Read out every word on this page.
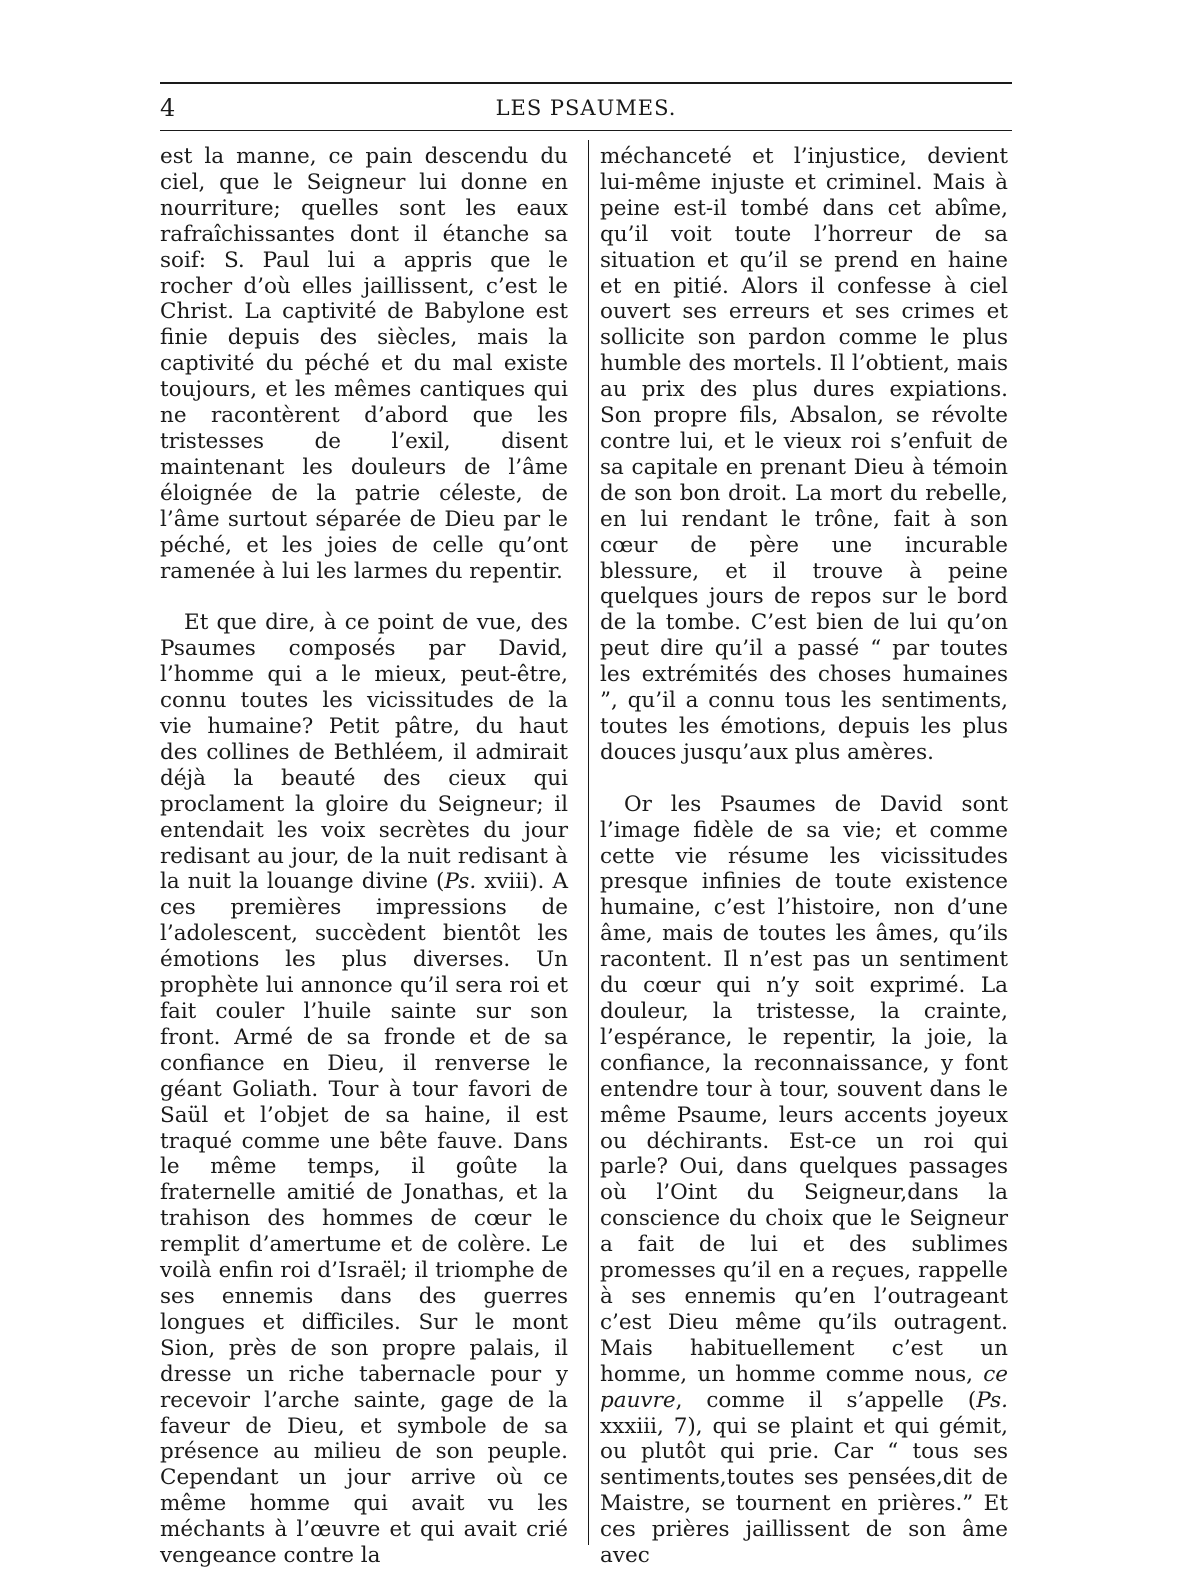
4	LES PSAUMES.

est la manne, ce pain descendu du ciel, que le Seigneur lui donne en nourriture; quelles sont les eaux rafraîchissantes dont il étanche sa soif: S. Paul lui a appris que le rocher d’où elles jaillissent, c’est le Christ. La captivité de Babylone est finie depuis des siècles, mais la captivité du péché et du mal existe toujours, et les mêmes cantiques qui ne racontèrent d’abord que les tristesses de l’exil, disent maintenant les douleurs de l’âme éloignée de la patrie céleste, de l’âme surtout séparée de Dieu par le péché, et les joies de celle qu’ont ramenée à lui les larmes du repentir.

Et que dire, à ce point de vue, des Psaumes composés par David, l’homme qui a le mieux, peut-être, connu toutes les vicissitudes de la vie humaine? Petit pâtre, du haut des collines de Bethléem, il admirait déjà la beauté des cieux qui proclament la gloire du Seigneur; il entendait les voix secrètes du jour redisant au jour, de la nuit redisant à la nuit la louange divine (Ps. xviii). A ces premières impressions de l’adolescent, succèdent bientôt les émotions les plus diverses. Un prophète lui annonce qu’il sera roi et fait couler l’huile sainte sur son front. Armé de sa fronde et de sa confiance en Dieu, il renverse le géant Goliath. Tour à tour favori de Saül et l’objet de sa haine, il est traqué comme une bête fauve. Dans le même temps, il goûte la fraternelle amitié de Jonathas, et la trahison des hommes de cœur le remplit d’amertume et de colère. Le voilà enfin roi d’Israël; il triomphe de ses ennemis dans des guerres longues et difficiles. Sur le mont Sion, près de son propre palais, il dresse un riche tabernacle pour y recevoir l’arche sainte, gage de la faveur de Dieu, et symbole de sa présence au milieu de son peuple. Cependant un jour arrive où ce même homme qui avait vu les méchants à l’œuvre et qui avait crié vengeance contre la

méchanceté et l’injustice, devient lui-même injuste et criminel. Mais à peine est-il tombé dans cet abîme, qu’il voit toute l’horreur de sa situation et qu’il se prend en haine et en pitié. Alors il confesse à ciel ouvert ses erreurs et ses crimes et sollicite son pardon comme le plus humble des mortels. Il l’obtient, mais au prix des plus dures expiations. Son propre fils, Absalon, se révolte contre lui, et le vieux roi s’enfuit de sa capitale en prenant Dieu à témoin de son bon droit. La mort du rebelle, en lui rendant le trône, fait à son cœur de père une incurable blessure, et il trouve à peine quelques jours de repos sur le bord de la tombe. C’est bien de lui qu’on peut dire qu’il a passé “ par toutes les extrémités des choses humaines ”, qu’il a connu tous les sentiments, toutes les émotions, depuis les plus douces jusqu’aux plus amères.

Or les Psaumes de David sont l’image fidèle de sa vie; et comme cette vie résume les vicissitudes presque infinies de toute existence humaine, c’est l’histoire, non d’une âme, mais de toutes les âmes, qu’ils racontent. Il n’est pas un sentiment du cœur qui n’y soit exprimé. La douleur, la tristesse, la crainte, l’espérance, le repentir, la joie, la confiance, la reconnaissance, y font entendre tour à tour, souvent dans le même Psaume, leurs accents joyeux ou déchirants. Est-ce un roi qui parle? Oui, dans quelques passages où l’Oint du Seigneur,dans la conscience du choix que le Seigneur a fait de lui et des sublimes promesses qu’il en a reçues, rappelle à ses ennemis qu’en l’outrageant c’est Dieu même qu’ils outragent. Mais habituellement c’est un homme, un homme comme nous, ce pauvre, comme il s’appelle (Ps. xxxiii, 7), qui se plaint et qui gémit, ou plutôt qui prie. Car “ tous ses sentiments,toutes ses pensées,dit de Maistre, se tournent en prières.” Et ces prières jaillissent de son âme avec
